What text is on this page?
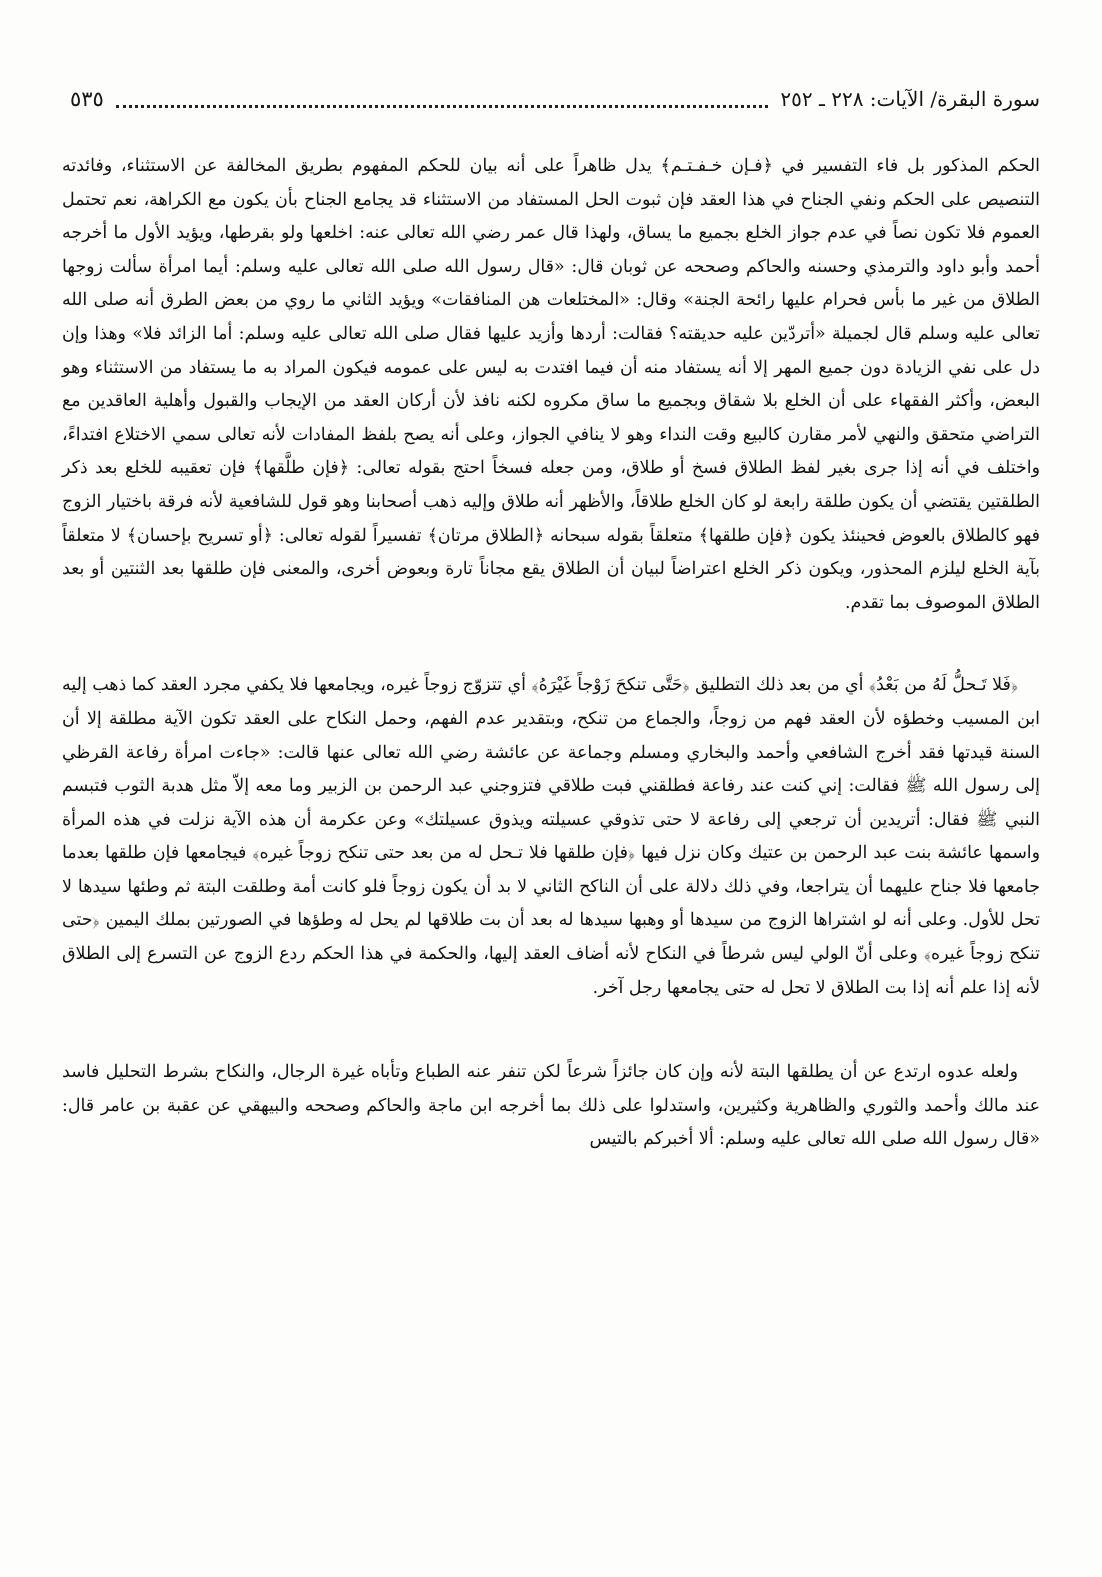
سورة البقرة/ الآيات: ٢٢٨ ـ ٢٥٢
٥٣٥

الحكم المذكور بل فاء التفسير في ﴿فـإن خـفـتـم﴾ يدل ظاهراً على أنه بيان للحكم المفهوم بطريق المخالفة عن الاستثناء، وفائدته التنصيص على الحكم ونفي الجناح في هذا العقد فإن ثبوت الحل المستفاد من الاستثناء قد يجامع الجناح بأن يكون مع الكراهة، نعم تحتمل العموم فلا تكون نصاً في عدم جواز الخلع بجميع ما يساق، ولهذا قال عمر رضي الله تعالى عنه: اخلعها ولو بقرطها، ويؤيد الأول ما أخرجه أحمد وأبو داود والترمذي وحسنه والحاكم وصححه عن ثوبان قال: «قال رسول الله صلى الله تعالى عليه وسلم: أيما امرأة سألت زوجها الطلاق من غير ما بأس فحرام عليها رائحة الجنة» وقال: «المختلعات هن المنافقات» ويؤيد الثاني ما روي من بعض الطرق أنه صلى الله تعالى عليه وسلم قال لجميلة «أتردّين عليه حديقته؟ فقالت: أردها وأزيد عليها فقال صلى الله تعالى عليه وسلم: أما الزائد فلا» وهذا وإن دل على نفي الزيادة دون جميع المهر إلا أنه يستفاد منه أن فيما افتدت به ليس على عمومه فيكون المراد به ما يستفاد من الاستثناء وهو البعض، وأكثر الفقهاء على أن الخلع بلا شقاق وبجميع ما ساق مكروه لكنه نافذ لأن أركان العقد من الإيجاب والقبول وأهلية العاقدين مع التراضي متحقق والنهي لأمر مقارن كالبيع وقت النداء وهو لا ينافي الجواز، وعلى أنه يصح بلفظ المفادات لأنه تعالى سمي الاختلاع افتداءً، واختلف في أنه إذا جرى بغير لفظ الطلاق فسخ أو طلاق، ومن جعله فسخاً احتج بقوله تعالى: ﴿فإن طلَّقها﴾ فإن تعقيبه للخلع بعد ذكر الطلقتين يقتضي أن يكون طلقة رابعة لو كان الخلع طلاقاً، والأظهر أنه طلاق وإليه ذهب أصحابنا وهو قول للشافعية لأنه فرقة باختيار الزوج فهو كالطلاق بالعوض فحينئذ يكون ﴿فإن طلقها﴾ متعلقاً بقوله سبحانه ﴿الطلاق مرتان﴾ تفسيراً لقوله تعالى: ﴿أو تسريح بإحسان﴾ لا متعلقاً بآية الخلع ليلزم المحذور، ويكون ذكر الخلع اعتراضاً لبيان أن الطلاق يقع مجاناً تارة وبعوض أخرى، والمعنى فإن طلقها بعد الثنتين أو بعد الطلاق الموصوف بما تقدم.

﴿فَلا تَـحلُّ لَهُ من بَعْدُ﴾ أي من بعد ذلك التطليق ﴿حَتَّى تنكحَ زَوْجاً غَيْرَهُ﴾ أي تتزوّج زوجاً غيره، ويجامعها فلا يكفي مجرد العقد كما ذهب إليه ابن المسيب وخطؤه لأن العقد فهم من زوجاً، والجماع من تنكح، وبتقدير عدم الفهم، وحمل النكاح على العقد تكون الآية مطلقة إلا أن السنة قيدتها فقد أخرج الشافعي وأحمد والبخاري ومسلم وجماعة عن عائشة رضي الله تعالى عنها قالت: «جاءت امرأة رفاعة القرظي إلى رسول الله ﷺ فقالت: إني كنت عند رفاعة فطلقني فبت طلاقي فتزوجني عبد الرحمن بن الزبير وما معه إلاّ مثل هدبة الثوب فتبسم النبي ﷺ فقال: أتريدين أن ترجعي إلى رفاعة لا حتى تذوقي عسيلته ويذوق عسيلتك» وعن عكرمة أن هذه الآية نزلت في هذه المرأة واسمها عائشة بنت عبد الرحمن بن عتيك وكان نزل فيها ﴿فإن طلقها فلا تـحل له من بعد حتى تنكح زوجاً غيره﴾ فيجامعها فإن طلقها بعدما جامعها فلا جناح عليهما أن يتراجعا، وفي ذلك دلالة على أن الناكح الثاني لا بد أن يكون زوجاً فلو كانت أمة وطلقت البتة ثم وطئها سيدها لا تحل للأول. وعلى أنه لو اشتراها الزوج من سيدها أو وهبها سيدها له بعد أن بت طلاقها لم يحل له وطؤها في الصورتين بملك اليمين ﴿حتى تنكح زوجاً غيره﴾ وعلى أنّ الولي ليس شرطاً في النكاح لأنه أضاف العقد إليها، والحكمة في هذا الحكم ردع الزوج عن التسرع إلى الطلاق لأنه إذا علم أنه إذا بت الطلاق لا تحل له حتى يجامعها رجل آخر.

ولعله عدوه ارتدع عن أن يطلقها البتة لأنه وإن كان جائزاً شرعاً لكن تنفر عنه الطباع وتأباه غيرة الرجال، والنكاح بشرط التحليل فاسد عند مالك وأحمد والثوري والظاهرية وكثيرين، واستدلوا على ذلك بما أخرجه ابن ماجة والحاكم وصححه والبيهقي عن عقبة بن عامر قال: «قال رسول الله صلى الله تعالى عليه وسلم: ألا أخبركم بالتيس
